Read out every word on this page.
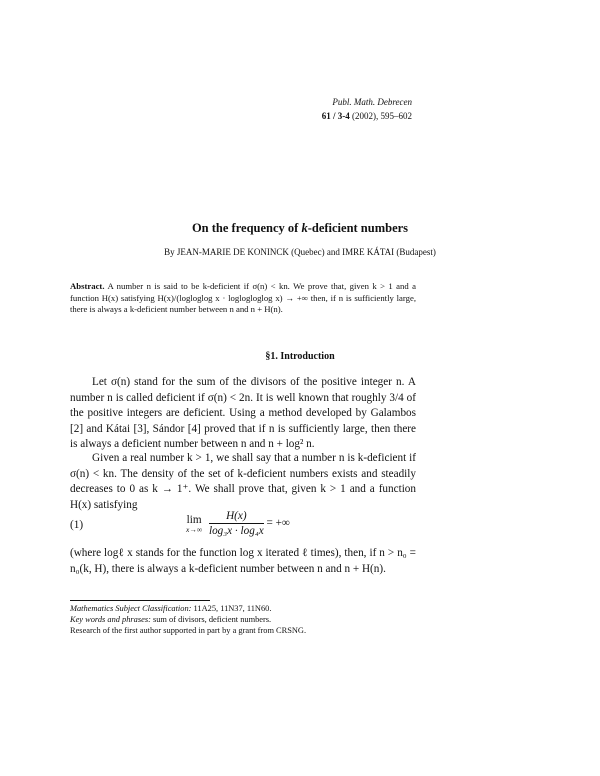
Publ. Math. Debrecen
61 / 3-4 (2002), 595–602
On the frequency of k-deficient numbers
By JEAN-MARIE DE KONINCK (Quebec) and IMRE KÁTAI (Budapest)
Abstract. A number n is said to be k-deficient if σ(n) < kn. We prove that, given k > 1 and a function H(x) satisfying H(x)/(logloglog x · loglogloglog x) → +∞ then, if n is sufficiently large, there is always a k-deficient number between n and n + H(n).
§1. Introduction

Let σ(n) stand for the sum of the divisors of the positive integer n. A number n is called deficient if σ(n) < 2n. It is well known that roughly 3/4 of the positive integers are deficient. Using a method developed by Galambos [2] and Kátai [3], Sándor [4] proved that if n is sufficiently large, then there is always a deficient number between n and n + log² n.

Given a real number k > 1, we shall say that a number n is k-deficient if σ(n) < kn. The density of the set of k-deficient numbers exists and steadily decreases to 0 as k → 1⁺. We shall prove that, given k > 1 and a function H(x) satisfying

(1)	lim
x→∞
$\frac{H(x)}{\text{log₃x · log₄x}}$ = +∞

(where logℓ x stands for the function log x iterated ℓ times), then, if n > n₀ = n₀(k, H), there is always a k-deficient number between n and n + H(n).

Mathematics Subject Classification: 11A25, 11N37, 11N60.
Key words and phrases: sum of divisors, deficient numbers.
Research of the first author supported in part by a grant from CRSNG.
